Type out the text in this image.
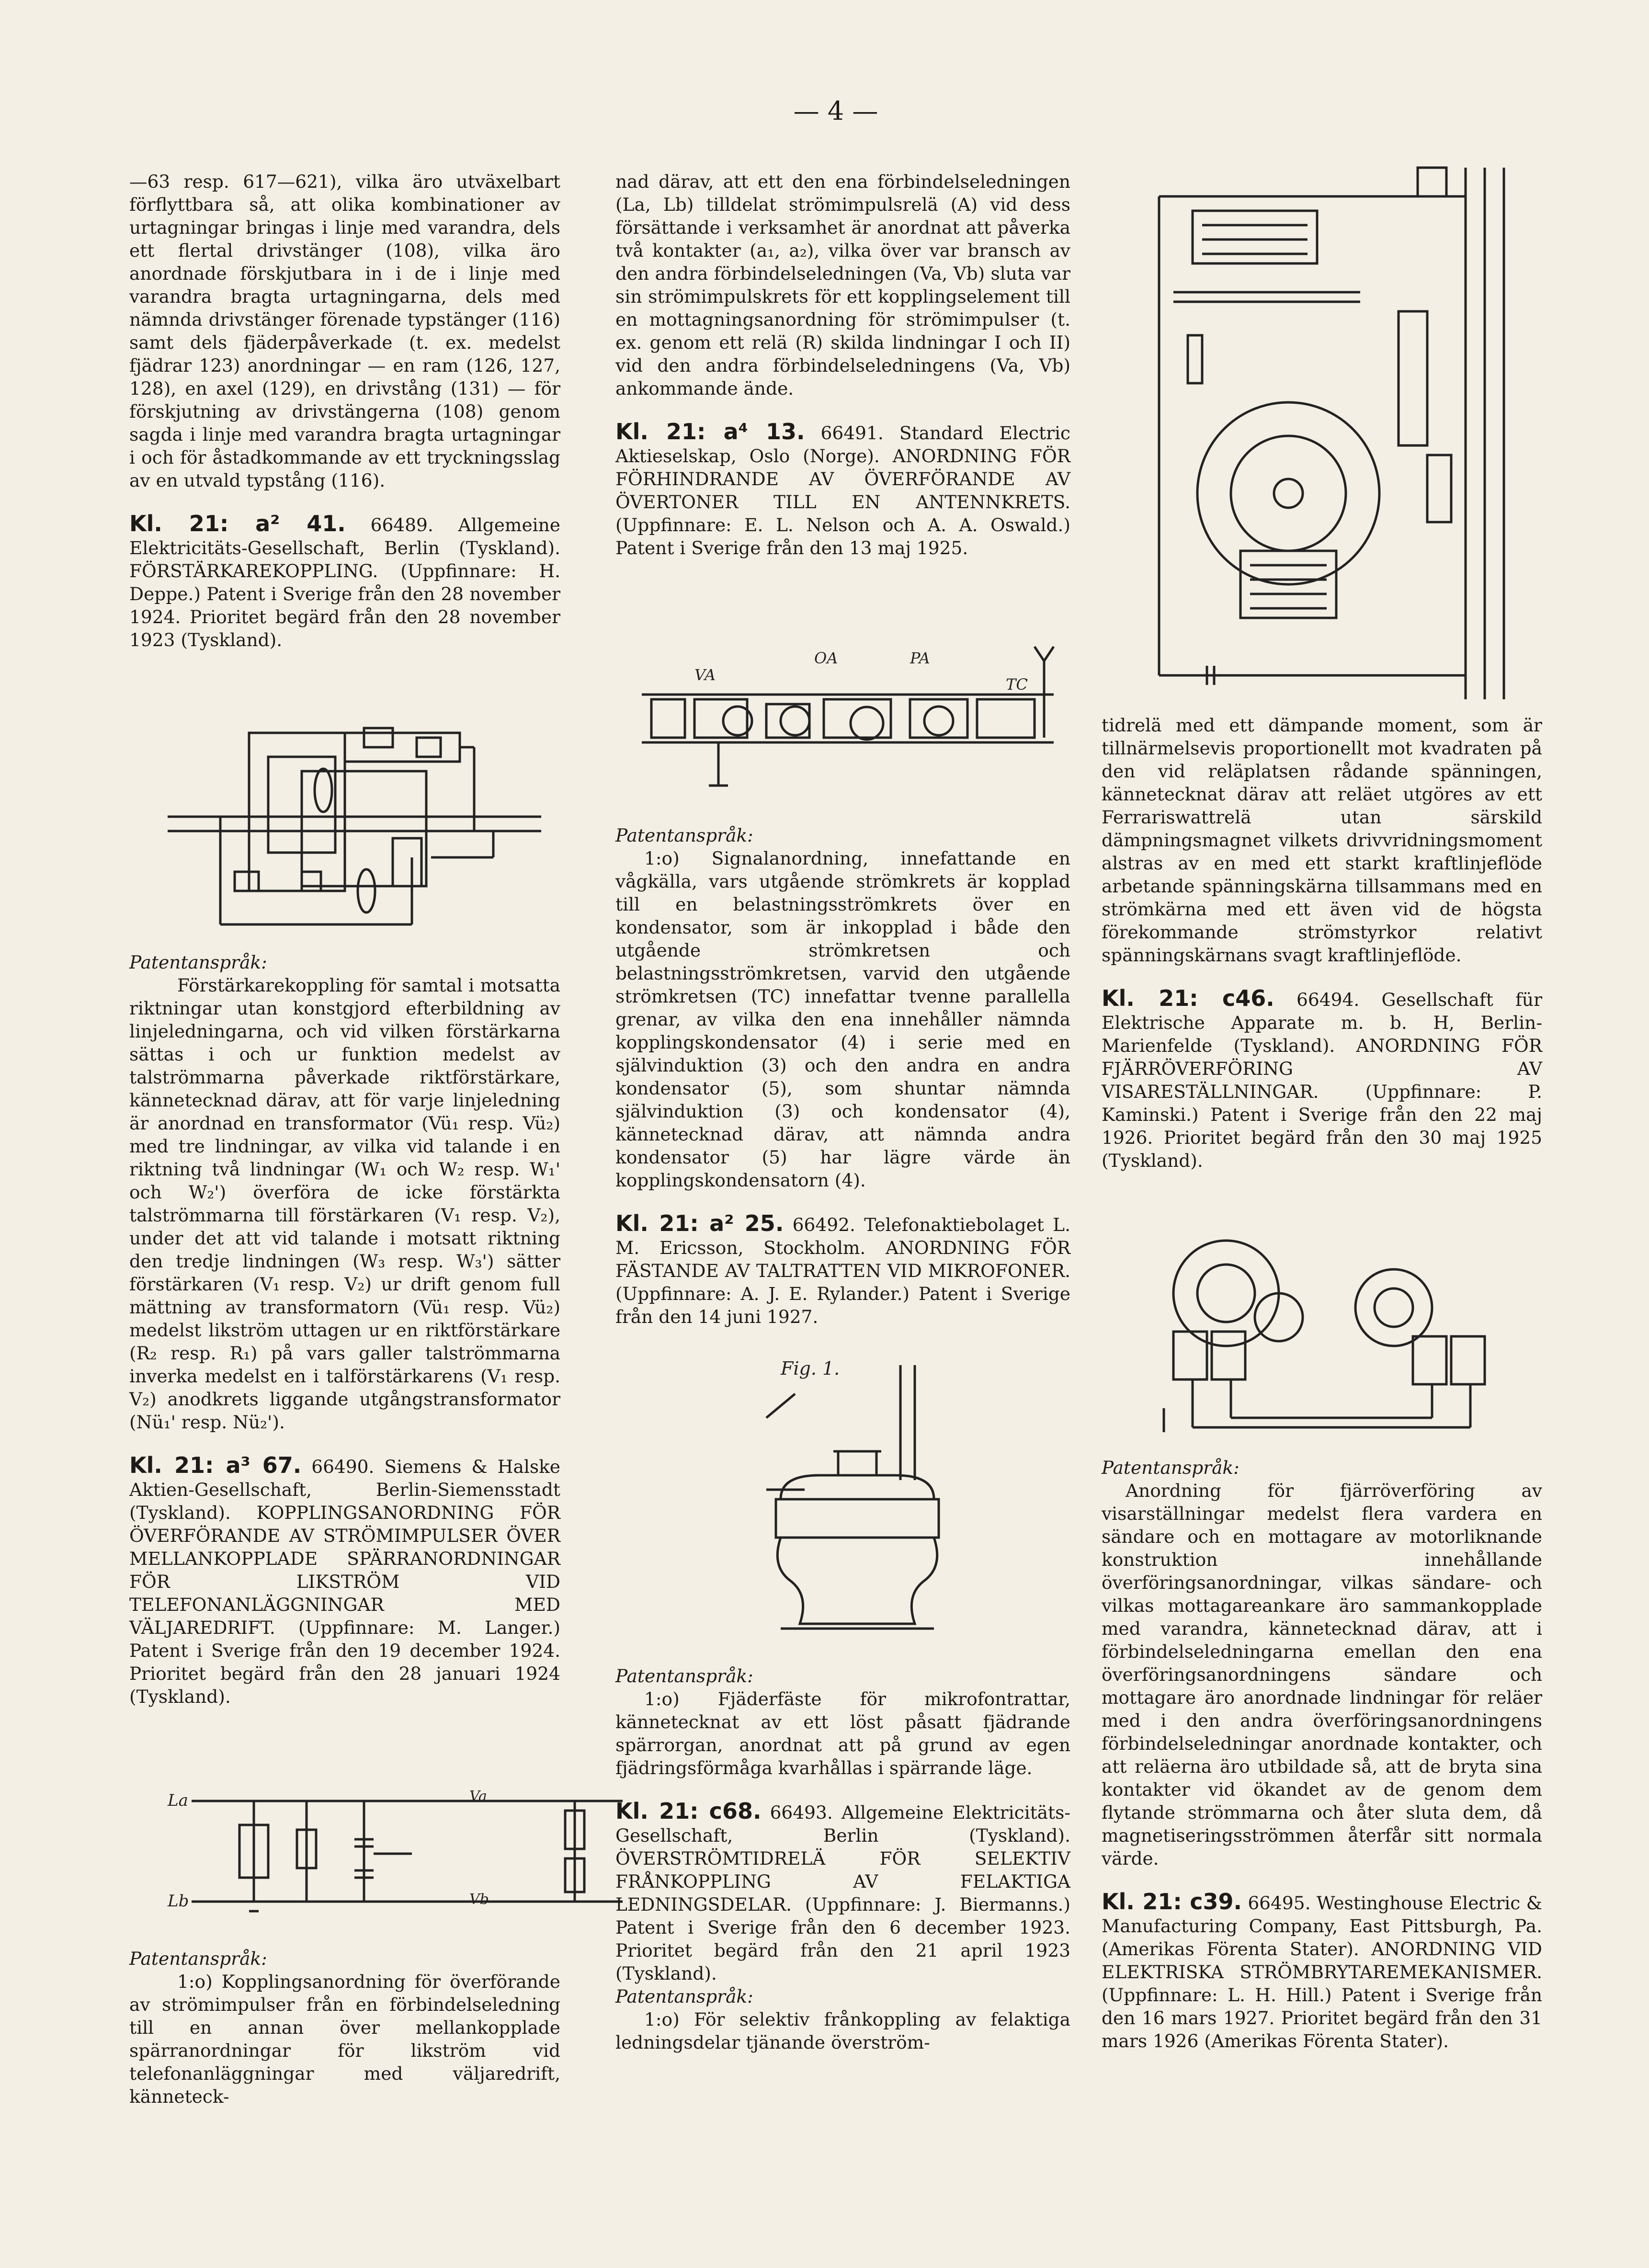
— 4 —

—63 resp. 617—621), vilka äro utväxelbart förflyttbara så, att olika kombinationer av urtagningar bringas i linje med varandra, dels ett flertal drivstänger (108), vilka äro anordnade förskjutbara in i de i linje med varandra bragta urtagningarna, dels med nämnda drivstänger förenade typstänger (116) samt dels fjäderpåverkade (t. ex. medelst fjädrar 123) anordningar — en ram (126, 127, 128), en axel (129), en drivstång (131) — för förskjutning av drivstängerna (108) genom sagda i linje med varandra bragta urtagningar i och för åstadkommande av ett tryckningsslag av en utvald typstång (116).

Kl. 21: a² 41. 66489. Allgemeine Elektricitäts-Gesellschaft, Berlin (Tyskland). FÖRSTÄRKAREKOPPLING. (Uppfinnare: H. Deppe.) Patent i Sverige från den 28 november 1924. Prioritet begärd från den 28 november 1923 (Tyskland).

Patentanspråk:

Förstärkarekoppling för samtal i motsatta riktningar utan konstgjord efterbildning av linjeledningarna, och vid vilken förstärkarna sättas i och ur funktion medelst av talströmmarna påverkade riktförstärkare, kännetecknad därav, att för varje linjeledning är anordnad en transformator (Vü₁ resp. Vü₂) med tre lindningar, av vilka vid talande i en riktning två lindningar (W₁ och W₂ resp. W₁' och W₂') överföra de icke förstärkta talströmmarna till förstärkaren (V₁ resp. V₂), under det att vid talande i motsatt riktning den tredje lindningen (W₃ resp. W₃') sätter förstärkaren (V₁ resp. V₂) ur drift genom full mättning av transformatorn (Vü₁ resp. Vü₂) medelst likström uttagen ur en riktförstärkare (R₂ resp. R₁) på vars galler talströmmarna inverka medelst en i talförstärkarens (V₁ resp. V₂) anodkrets liggande utgångstransformator (Nü₁' resp. Nü₂').

Kl. 21: a³ 67. 66490. Siemens & Halske Aktien-Gesellschaft, Berlin-Siemensstadt (Tyskland). KOPPLINGSANORDNING FÖR ÖVERFÖRANDE AV STRÖMIMPULSER ÖVER MELLANKOPPLADE SPÄRRANORDNINGAR FÖR LIKSTRÖM VID TELEFONANLÄGGNINGAR MED VÄLJAREDRIFT. (Uppfinnare: M. Langer.) Patent i Sverige från den 19 december 1924. Prioritet begärd från den 28 januari 1924 (Tyskland).

La
Lb
Va
Vb

Patentanspråk:

1:o) Kopplingsanordning för överförande av strömimpulser från en förbindelseledning till en annan över mellankopplade spärranordningar för likström vid telefonanläggningar med väljaredrift, känneteck-

nad därav, att ett den ena förbindelseledningen (La, Lb) tilldelat strömimpulsrelä (A) vid dess försättande i verksamhet är anordnat att påverka två kontakter (a₁, a₂), vilka över var bransch av den andra förbindelseledningen (Va, Vb) sluta var sin strömimpulskrets för ett kopplingselement till en mottagningsanordning för strömimpulser (t. ex. genom ett relä (R) skilda lindningar I och II) vid den andra förbindelseledningens (Va, Vb) ankommande ände.

Kl. 21: a⁴ 13. 66491. Standard Electric Aktieselskap, Oslo (Norge). ANORDNING FÖR FÖRHINDRANDE AV ÖVERFÖRANDE AV ÖVERTONER TILL EN ANTENNKRETS. (Uppfinnare: E. L. Nelson och A. A. Oswald.) Patent i Sverige från den 13 maj 1925.

VA
OA	PA
TC

Patentanspråk:

1:o) Signalanordning, innefattande en vågkälla, vars utgående strömkrets är kopplad till en belastningsströmkrets över en kondensator, som är inkopplad i både den utgående strömkretsen och belastningsströmkretsen, varvid den utgående strömkretsen (TC) innefattar tvenne parallella grenar, av vilka den ena innehåller nämnda kopplingskondensator (4) i serie med en självinduktion (3) och den andra en andra kondensator (5), som shuntar nämnda självinduktion (3) och kondensator (4), kännetecknad därav, att nämnda andra kondensator (5) har lägre värde än kopplingskondensatorn (4).

Kl. 21: a² 25. 66492. Telefonaktiebolaget L. M. Ericsson, Stockholm. ANORDNING FÖR FÄSTANDE AV TALTRATTEN VID MIKROFONER. (Uppfinnare: A. J. E. Rylander.) Patent i Sverige från den 14 juni 1927.

Fig. 1.

Patentanspråk:

1:o) Fjäderfäste för mikrofontrattar, kännetecknat av ett löst påsatt fjädrande spärrorgan, anordnat att på grund av egen fjädringsförmåga kvarhållas i spärrande läge.

Kl. 21: c68. 66493. Allgemeine Elektricitäts-Gesellschaft, Berlin (Tyskland). ÖVERSTRÖMTIDRELÄ FÖR SELEKTIV FRÅNKOPPLING AV FELAKTIGA LEDNINGSDELAR. (Uppfinnare: J. Biermanns.) Patent i Sverige från den 6 december 1923. Prioritet begärd från den 21 april 1923 (Tyskland).

Patentanspråk:

1:o) För selektiv frånkoppling av felaktiga ledningsdelar tjänande överström-

tidrelä med ett dämpande moment, som är tillnärmelsevis proportionellt mot kvadraten på den vid reläplatsen rådande spänningen, kännetecknat därav att reläet utgöres av ett Ferrariswattrelä utan särskild dämpningsmagnet vilkets drivvridningsmoment alstras av en med ett starkt kraftlinjeflöde arbetande spänningskärna tillsammans med en strömkärna med ett även vid de högsta förekommande strömstyrkor relativt spänningskärnans svagt kraftlinjeflöde.

Kl. 21: c46. 66494. Gesellschaft für Elektrische Apparate m. b. H, Berlin-Marienfelde (Tyskland). ANORDNING FÖR FJÄRRÖVERFÖRING AV VISARESTÄLLNINGAR. (Uppfinnare: P. Kaminski.) Patent i Sverige från den 22 maj 1926. Prioritet begärd från den 30 maj 1925 (Tyskland).

Patentanspråk:

Anordning för fjärröverföring av visarställningar medelst flera vardera en sändare och en mottagare av motorliknande konstruktion innehållande överföringsanordningar, vilkas sändare- och vilkas mottagareankare äro sammankopplade med varandra, kännetecknad därav, att i förbindelseledningarna emellan den ena överföringsanordningens sändare och mottagare äro anordnade lindningar för reläer med i den andra överföringsanordningens förbindelseledningar anordnade kontakter, och att reläerna äro utbildade så, att de bryta sina kontakter vid ökandet av de genom dem flytande strömmarna och åter sluta dem, då magnetiseringsströmmen återfår sitt normala värde.

Kl. 21: c39. 66495. Westinghouse Electric & Manufacturing Company, East Pittsburgh, Pa. (Amerikas Förenta Stater). ANORDNING VID ELEKTRISKA STRÖMBRYTAREMEKANISMER. (Uppfinnare: L. H. Hill.) Patent i Sverige från den 16 mars 1927. Prioritet begärd från den 31 mars 1926 (Amerikas Förenta Stater).
